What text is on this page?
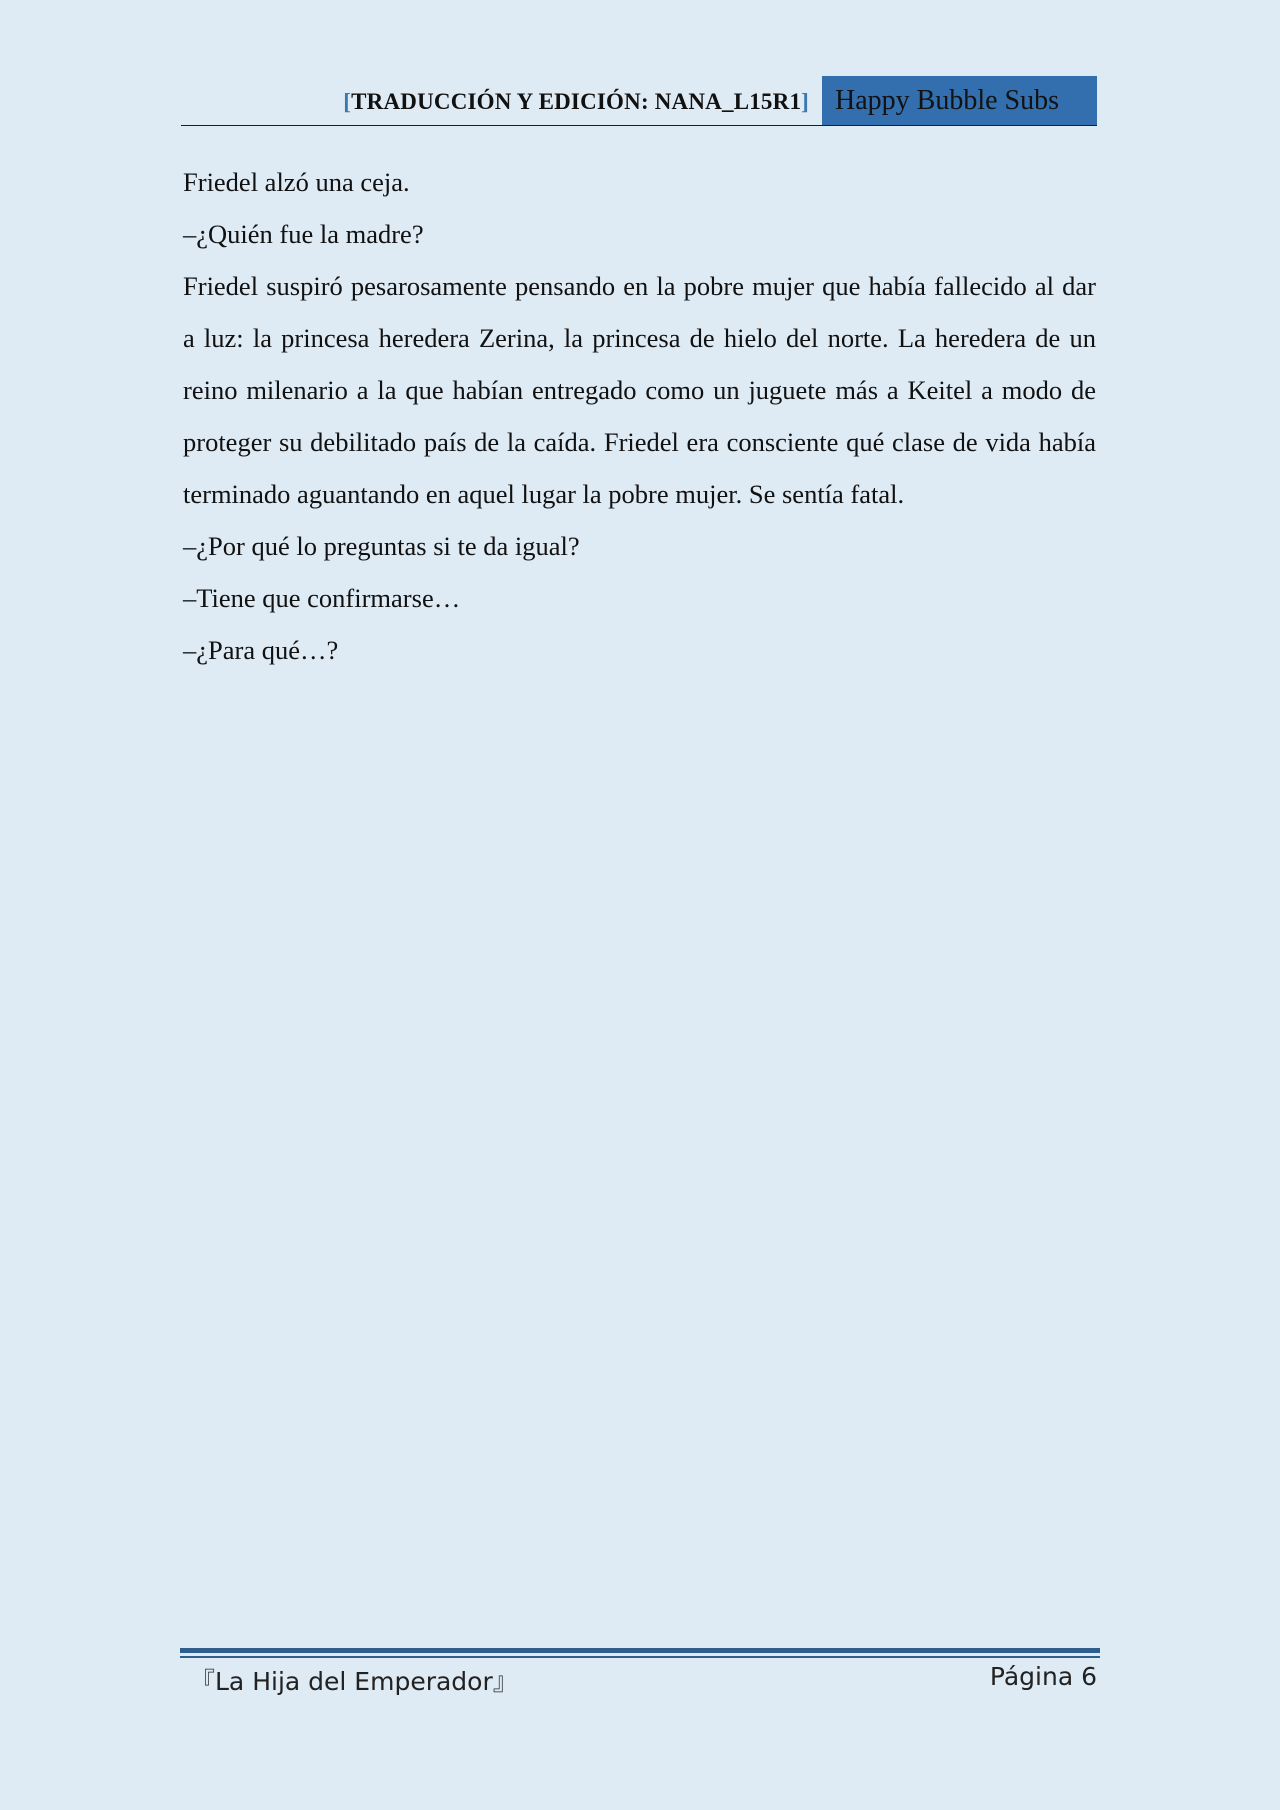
[TRADUCCIÓN Y EDICIÓN: NANA_L15R1] Happy Bubble Subs

Friedel alzó una ceja.

–¿Quién fue la madre?

Friedel suspiró pesarosamente pensando en la pobre mujer que había fallecido al dar a luz: la princesa heredera Zerina, la princesa de hielo del norte. La heredera de un reino milenario a la que habían entregado como un juguete más a Keitel a modo de proteger su debilitado país de la caída. Friedel era consciente qué clase de vida había terminado aguantando en aquel lugar la pobre mujer. Se sentía fatal.

–¿Por qué lo preguntas si te da igual?

–Tiene que confirmarse…

–¿Para qué…?

『La Hija del Emperador』	Página 6
